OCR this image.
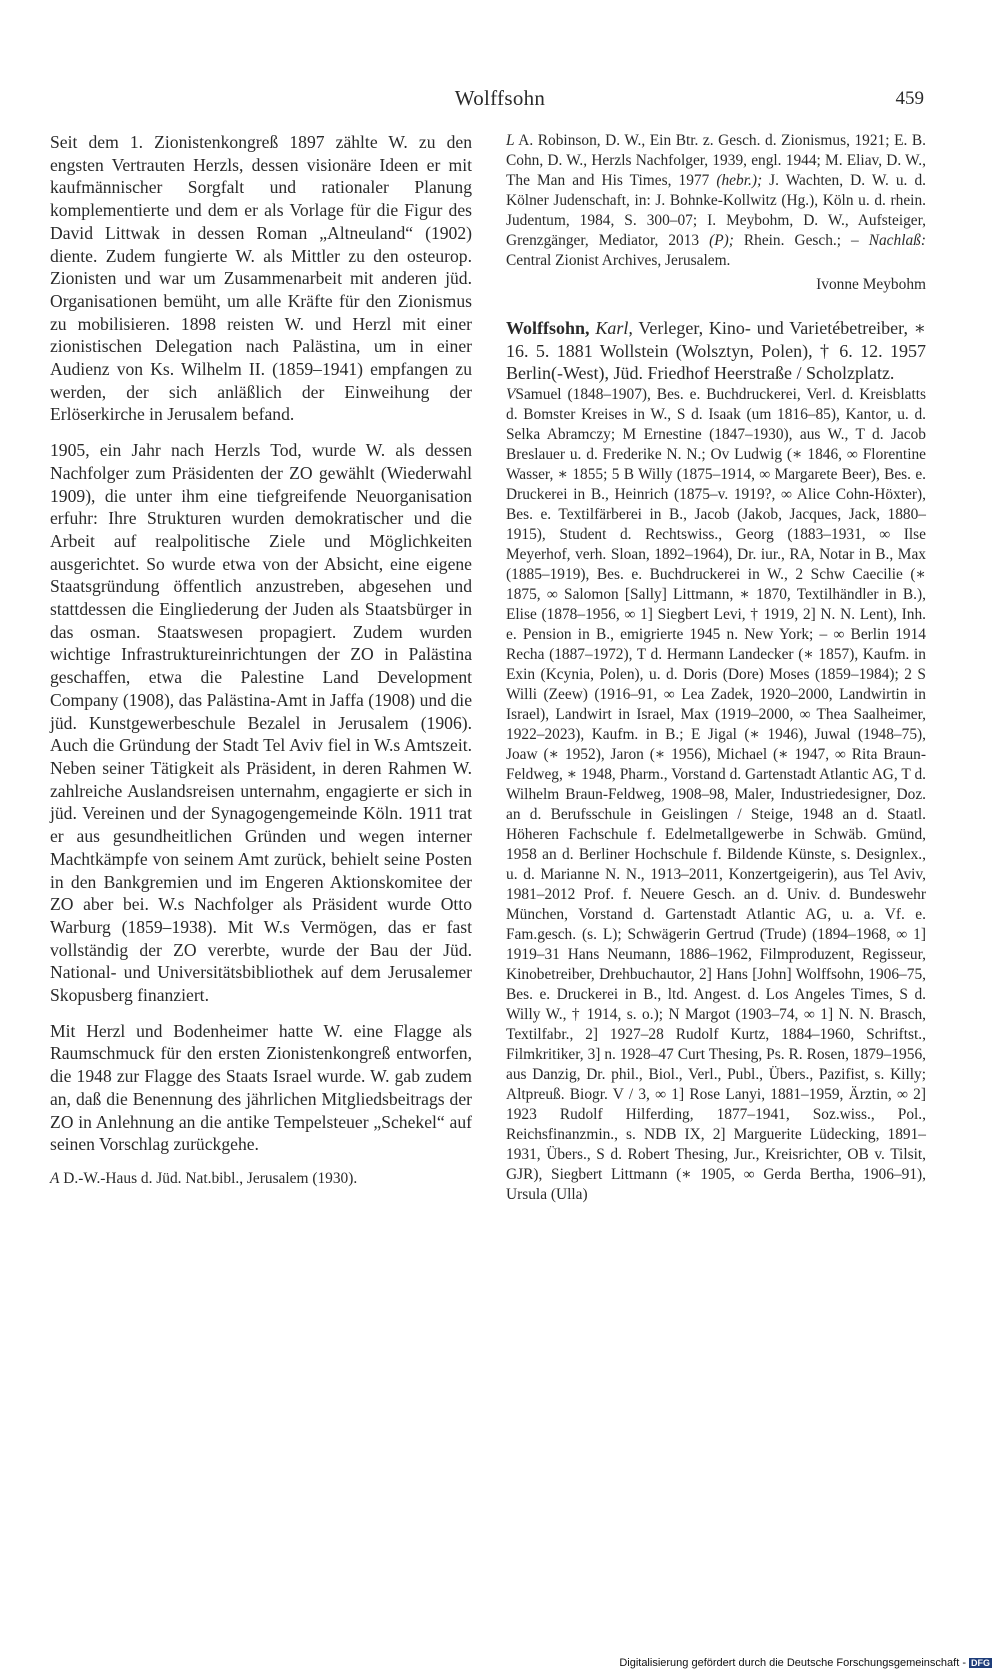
Wolffsohn	459

Seit dem 1. Zionistenkongreß 1897 zählte W. zu den engsten Vertrauten Herzls, dessen visionäre Ideen er mit kaufmännischer Sorgfalt und rationaler Planung komplementierte und dem er als Vorlage für die Figur des David Littwak in dessen Roman „Altneuland“ (1902) diente. Zudem fungierte W. als Mittler zu den osteurop. Zionisten und war um Zusammenarbeit mit anderen jüd. Organisationen bemüht, um alle Kräfte für den Zionismus zu mobilisieren. 1898 reisten W. und Herzl mit einer zionistischen Delegation nach Palästina, um in einer Audienz von Ks. Wilhelm II. (1859–1941) empfangen zu werden, der sich anläßlich der Einweihung der Erlöserkirche in Jerusalem befand.

1905, ein Jahr nach Herzls Tod, wurde W. als dessen Nachfolger zum Präsidenten der ZO gewählt (Wiederwahl 1909), die unter ihm eine tiefgreifende Neuorganisation erfuhr: Ihre Strukturen wurden demokratischer und die Arbeit auf realpolitische Ziele und Möglichkeiten ausgerichtet. So wurde etwa von der Absicht, eine eigene Staatsgründung öffentlich anzustreben, abgesehen und stattdessen die Eingliederung der Juden als Staatsbürger in das osman. Staatswesen propagiert. Zudem wurden wichtige Infrastruktureinrichtungen der ZO in Palästina geschaffen, etwa die Palestine Land Development Company (1908), das Palästina-Amt in Jaffa (1908) und die jüd. Kunstgewerbeschule Bezalel in Jerusalem (1906). Auch die Gründung der Stadt Tel Aviv fiel in W.s Amtszeit. Neben seiner Tätigkeit als Präsident, in deren Rahmen W. zahlreiche Auslandsreisen unternahm, engagierte er sich in jüd. Vereinen und der Synagogengemeinde Köln. 1911 trat er aus gesundheitlichen Gründen und wegen interner Machtkämpfe von seinem Amt zurück, behielt seine Posten in den Bankgremien und im Engeren Aktionskomitee der ZO aber bei. W.s Nachfolger als Präsident wurde Otto Warburg (1859–1938). Mit W.s Vermögen, das er fast vollständig der ZO vererbte, wurde der Bau der Jüd. National- und Universitätsbibliothek auf dem Jerusalemer Skopusberg finanziert.

Mit Herzl und Bodenheimer hatte W. eine Flagge als Raumschmuck für den ersten Zionistenkongreß entworfen, die 1948 zur Flagge des Staats Israel wurde. W. gab zudem an, daß die Benennung des jährlichen Mitgliedsbeitrags der ZO in Anlehnung an die antike Tempelsteuer „Schekel“ auf seinen Vorschlag zurückgehe.

A D.-W.-Haus d. Jüd. Nat.bibl., Jerusalem (1930).

L A. Robinson, D. W., Ein Btr. z. Gesch. d. Zionismus, 1921; E. B. Cohn, D. W., Herzls Nachfolger, 1939, engl. 1944; M. Eliav, D. W., The Man and His Times, 1977 (hebr.); J. Wachten, D. W. u. d. Kölner Judenschaft, in: J. Bohnke-Kollwitz (Hg.), Köln u. d. rhein. Judentum, 1984, S. 300–07; I. Meybohm, D. W., Aufsteiger, Grenzgänger, Mediator, 2013 (P); Rhein. Gesch.; – Nachlaß: Central Zionist Archives, Jerusalem.

Ivonne Meybohm

Wolffsohn, Karl, Verleger, Kino- und Varietébetreiber, ∗ 16. 5. 1881 Wollstein (Wolsztyn, Polen), † 6. 12. 1957 Berlin(-West), Jüd. Friedhof Heerstraße / Scholzplatz.

VSamuel (1848–1907), Bes. e. Buchdruckerei, Verl. d. Kreisblatts d. Bomster Kreises in W., S d. Isaak (um 1816–85), Kantor, u. d. Selka Abramczy; M Ernestine (1847–1930), aus W., T d. Jacob Breslauer u. d. Frederike N. N.; Ov Ludwig (∗ 1846, ∞ Florentine Wasser, ∗ 1855; 5 B Willy (1875–1914, ∞ Margarete Beer), Bes. e. Druckerei in B., Heinrich (1875–v. 1919?, ∞ Alice Cohn-Höxter), Bes. e. Textilfärberei in B., Jacob (Jakob, Jacques, Jack, 1880–1915), Student d. Rechtswiss., Georg (1883–1931, ∞ Ilse Meyerhof, verh. Sloan, 1892–1964), Dr. iur., RA, Notar in B., Max (1885–1919), Bes. e. Buchdruckerei in W., 2 Schw Caecilie (∗ 1875, ∞ Salomon [Sally] Littmann, ∗ 1870, Textilhändler in B.), Elise (1878–1956, ∞ 1] Siegbert Levi, † 1919, 2] N. N. Lent), Inh. e. Pension in B., emigrierte 1945 n. New York; – ∞ Berlin 1914 Recha (1887–1972), T d. Hermann Landecker (∗ 1857), Kaufm. in Exin (Kcynia, Polen), u. d. Doris (Dore) Moses (1859–1984); 2 S Willi (Zeew) (1916–91, ∞ Lea Zadek, 1920–2000, Landwirtin in Israel), Landwirt in Israel, Max (1919–2000, ∞ Thea Saalheimer, 1922–2023), Kaufm. in B.; E Jigal (∗ 1946), Juwal (1948–75), Joaw (∗ 1952), Jaron (∗ 1956), Michael (∗ 1947, ∞ Rita Braun-Feldweg, ∗ 1948, Pharm., Vorstand d. Gartenstadt Atlantic AG, T d. Wilhelm Braun-Feldweg, 1908–98, Maler, Industriedesigner, Doz. an d. Berufsschule in Geislingen / Steige, 1948 an d. Staatl. Höheren Fachschule f. Edelmetallgewerbe in Schwäb. Gmünd, 1958 an d. Berliner Hochschule f. Bildende Künste, s. Designlex., u. d. Marianne N. N., 1913–2011, Konzertgeigerin), aus Tel Aviv, 1981–2012 Prof. f. Neuere Gesch. an d. Univ. d. Bundeswehr München, Vorstand d. Gartenstadt Atlantic AG, u. a. Vf. e. Fam.gesch. (s. L); Schwägerin Gertrud (Trude) (1894–1968, ∞ 1] 1919–31 Hans Neumann, 1886–1962, Filmproduzent, Regisseur, Kinobetreiber, Drehbuchautor, 2] Hans [John] Wolffsohn, 1906–75, Bes. e. Druckerei in B., ltd. Angest. d. Los Angeles Times, S d. Willy W., † 1914, s. o.); N Margot (1903–74, ∞ 1] N. N. Brasch, Textilfabr., 2] 1927–28 Rudolf Kurtz, 1884–1960, Schriftst., Filmkritiker, 3] n. 1928–47 Curt Thesing, Ps. R. Rosen, 1879–1956, aus Danzig, Dr. phil., Biol., Verl., Publ., Übers., Pazifist, s. Killy; Altpreuß. Biogr. V / 3, ∞ 1] Rose Lanyi, 1881–1959, Ärztin, ∞ 2] 1923 Rudolf Hilferding, 1877–1941, Soz.wiss., Pol., Reichsfinanzmin., s. NDB IX, 2] Marguerite Lüdecking, 1891–1931, Übers., S d. Robert Thesing, Jur., Kreisrichter, OB v. Tilsit, GJR), Siegbert Littmann (∗ 1905, ∞ Gerda Bertha, 1906–91), Ursula (Ulla)

Digitalisierung gefördert durch die Deutsche Forschungsgemeinschaft - DFG
